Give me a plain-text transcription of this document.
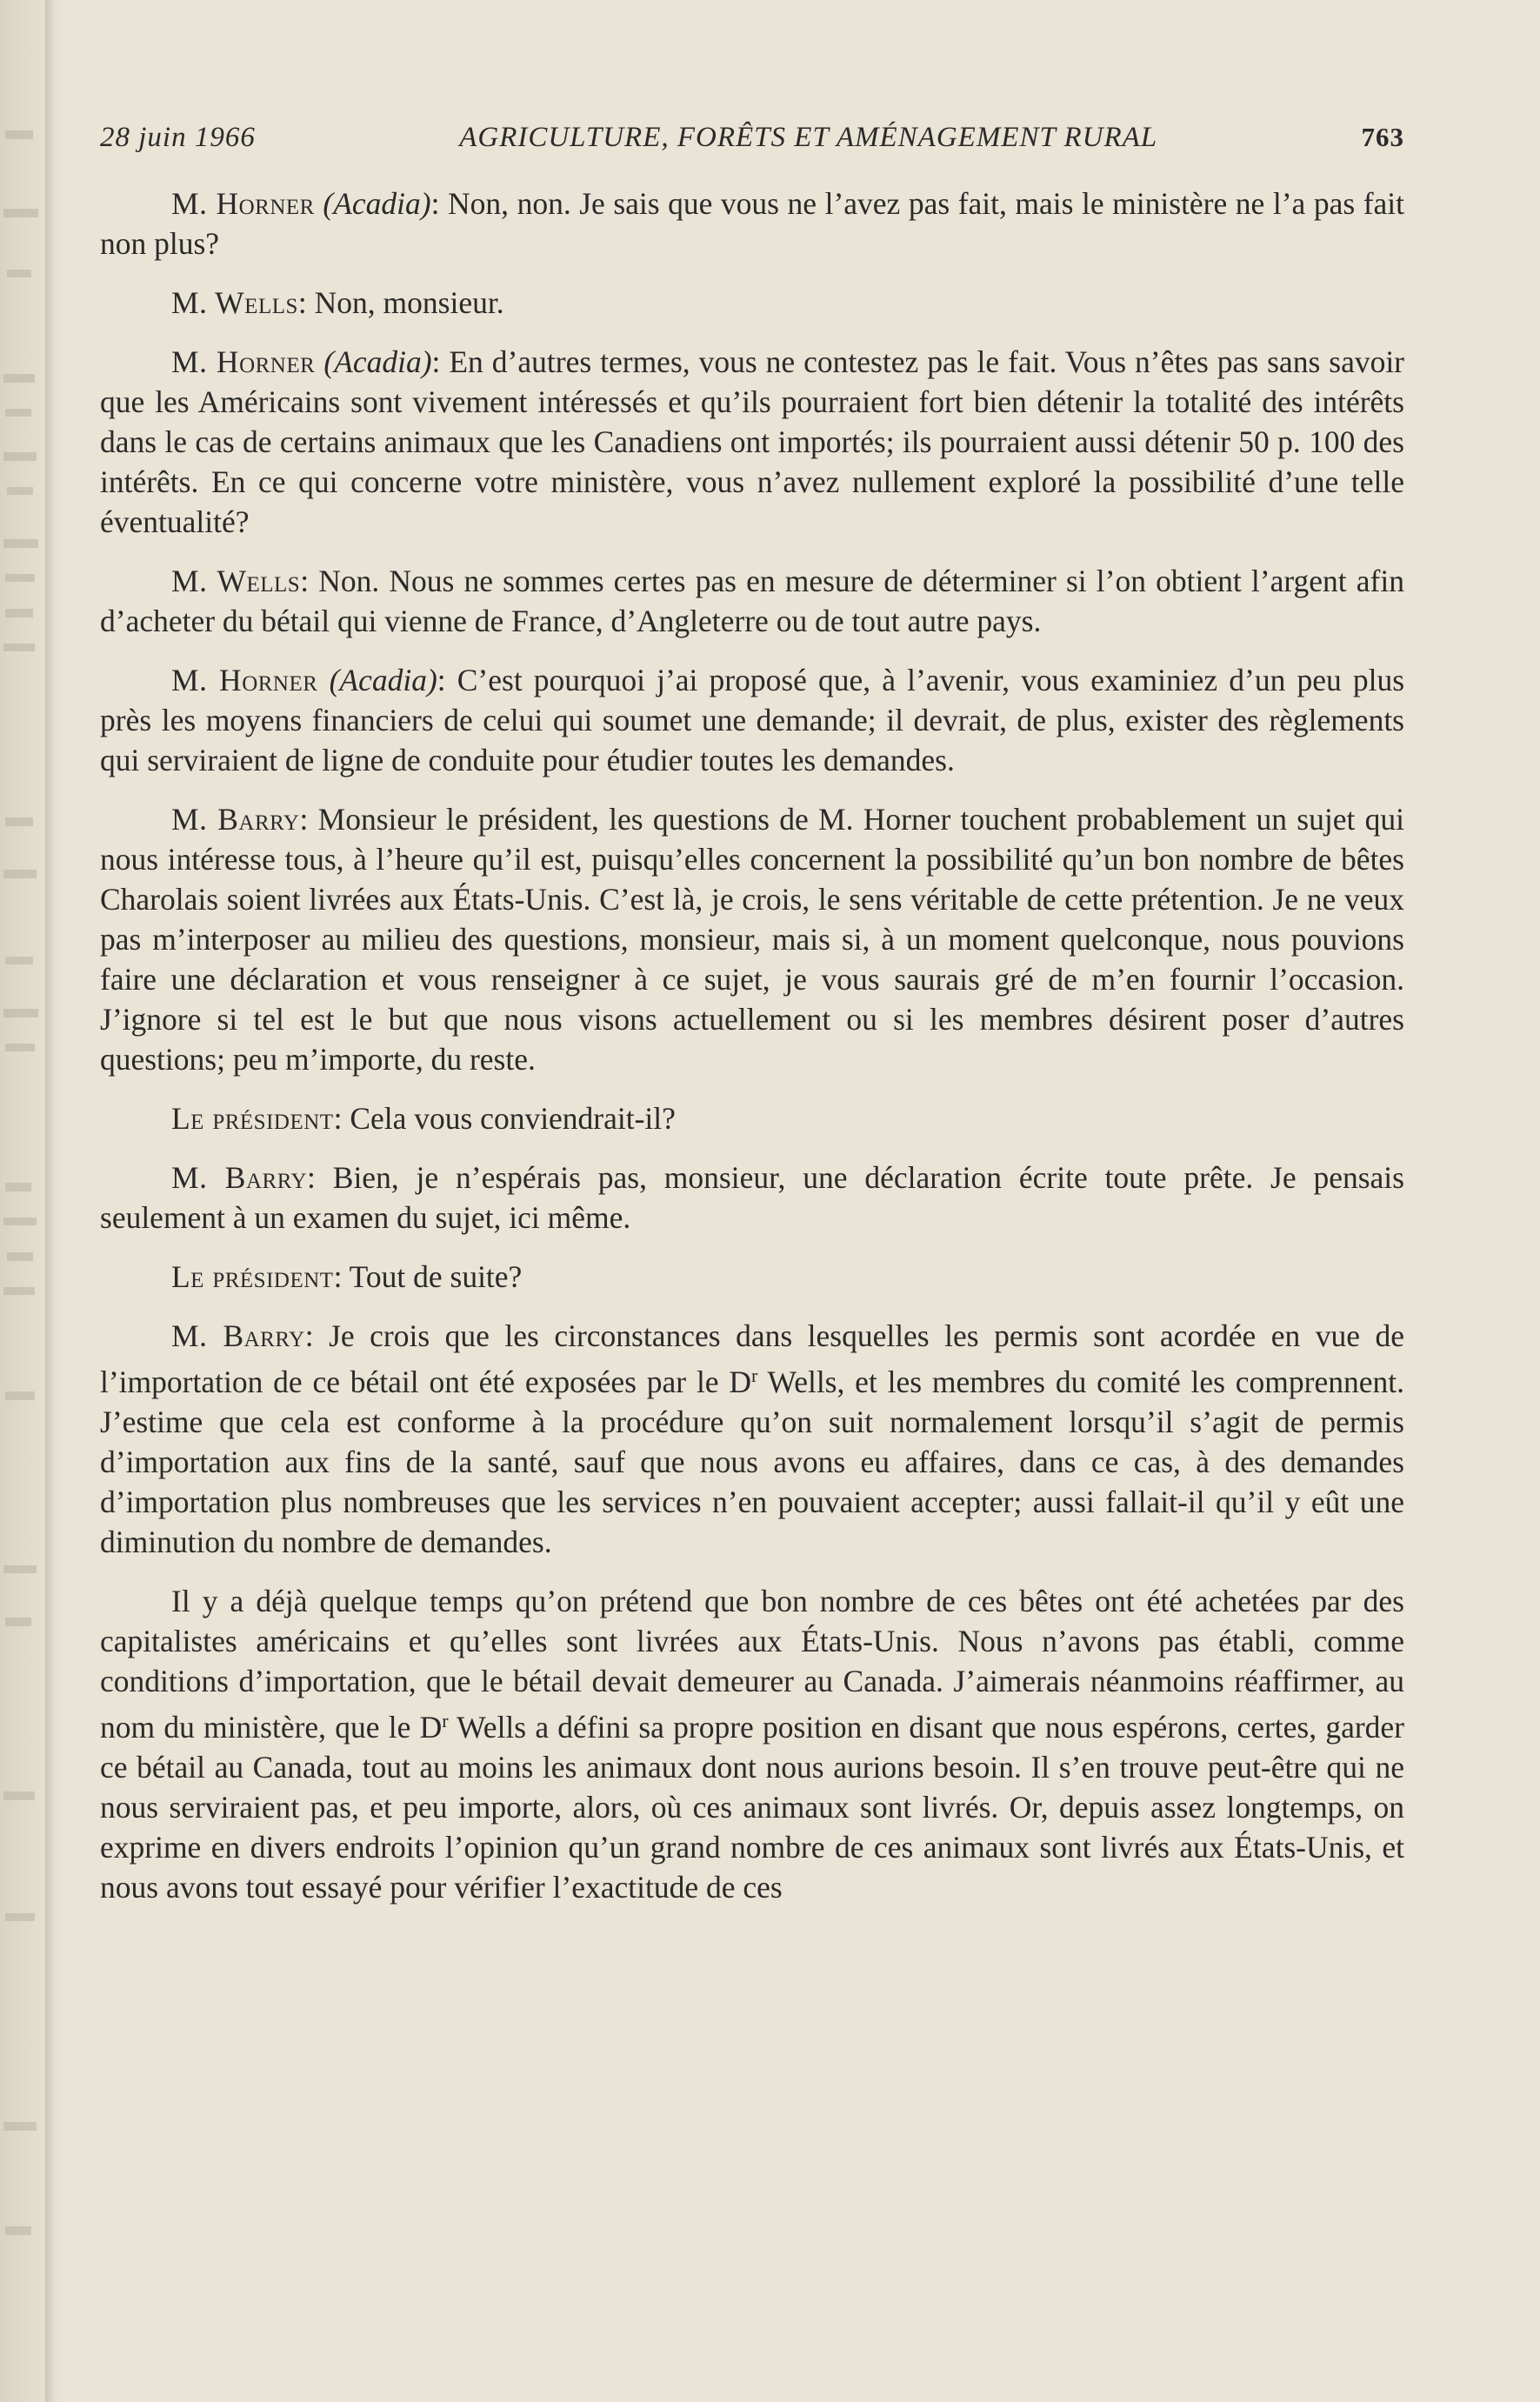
28 juin 1966	AGRICULTURE, FORÊTS ET AMÉNAGEMENT RURAL	763

M. Horner (Acadia): Non, non. Je sais que vous ne l’avez pas fait, mais le ministère ne l’a pas fait non plus?

M. Wells: Non, monsieur.

M. Horner (Acadia): En d’autres termes, vous ne contestez pas le fait. Vous n’êtes pas sans savoir que les Américains sont vivement intéressés et qu’ils pourraient fort bien détenir la totalité des intérêts dans le cas de certains animaux que les Canadiens ont importés; ils pourraient aussi détenir 50 p. 100 des intérêts. En ce qui concerne votre ministère, vous n’avez nullement exploré la possibilité d’une telle éventualité?

M. Wells: Non. Nous ne sommes certes pas en mesure de déterminer si l’on obtient l’argent afin d’acheter du bétail qui vienne de France, d’Angleterre ou de tout autre pays.

M. Horner (Acadia): C’est pourquoi j’ai proposé que, à l’avenir, vous examiniez d’un peu plus près les moyens financiers de celui qui soumet une demande; il devrait, de plus, exister des règlements qui serviraient de ligne de conduite pour étudier toutes les demandes.

M. Barry: Monsieur le président, les questions de M. Horner touchent probablement un sujet qui nous intéresse tous, à l’heure qu’il est, puisqu’elles concernent la possibilité qu’un bon nombre de bêtes Charolais soient livrées aux États-Unis. C’est là, je crois, le sens véritable de cette prétention. Je ne veux pas m’interposer au milieu des questions, monsieur, mais si, à un moment quelconque, nous pouvions faire une déclaration et vous renseigner à ce sujet, je vous saurais gré de m’en fournir l’occasion. J’ignore si tel est le but que nous visons actuellement ou si les membres désirent poser d’autres questions; peu m’importe, du reste.

Le président: Cela vous conviendrait-il?

M. Barry: Bien, je n’espérais pas, monsieur, une déclaration écrite toute prête. Je pensais seulement à un examen du sujet, ici même.

Le président: Tout de suite?

M. Barry: Je crois que les circonstances dans lesquelles les permis sont acordée en vue de l’importation de ce bétail ont été exposées par le $D^r$ Wells, et les membres du comité les comprennent. J’estime que cela est conforme à la procédure qu’on suit normalement lorsqu’il s’agit de permis d’importation aux fins de la santé, sauf que nous avons eu affaires, dans ce cas, à des demandes d’importation plus nombreuses que les services n’en pouvaient accepter; aussi fallait-il qu’il y eût une diminution du nombre de demandes.

Il y a déjà quelque temps qu’on prétend que bon nombre de ces bêtes ont été achetées par des capitalistes américains et qu’elles sont livrées aux États-Unis. Nous n’avons pas établi, comme conditions d’importation, que le bétail devait demeurer au Canada. J’aimerais néanmoins réaffirmer, au nom du ministère, que le $D^r$ Wells a défini sa propre position en disant que nous espérons, certes, garder ce bétail au Canada, tout au moins les animaux dont nous aurions besoin. Il s’en trouve peut-être qui ne nous serviraient pas, et peu importe, alors, où ces animaux sont livrés. Or, depuis assez longtemps, on exprime en divers endroits l’opinion qu’un grand nombre de ces animaux sont livrés aux États-Unis, et nous avons tout essayé pour vérifier l’exactitude de ces
